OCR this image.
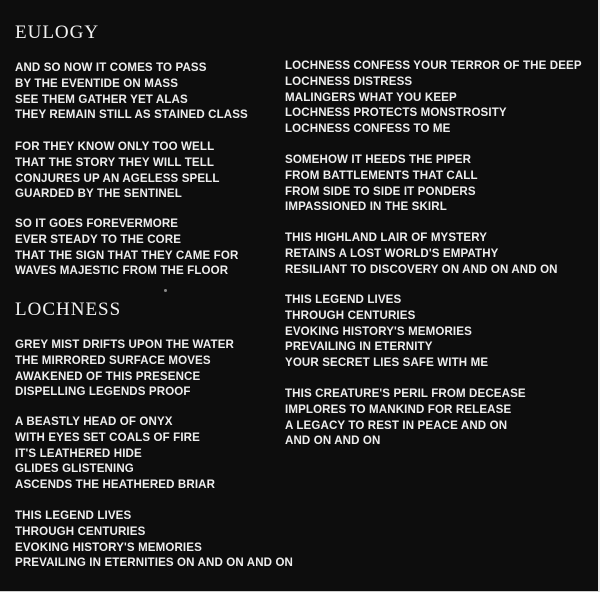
EULOGY
AND SO NOW IT COMES TO PASS
BY THE EVENTIDE ON MASS
SEE THEM GATHER YET ALAS
THEY REMAIN STILL AS STAINED CLASS
FOR THEY KNOW ONLY TOO WELL
THAT THE STORY THEY WILL TELL
CONJURES UP AN AGELESS SPELL
GUARDED BY THE SENTINEL
SO IT GOES FOREVERMORE
EVER STEADY TO THE CORE
THAT THE SIGN THAT THEY CAME FOR
WAVES MAJESTIC FROM THE FLOOR
LOCHNESS
GREY MIST DRIFTS UPON THE WATER
THE MIRRORED SURFACE MOVES
AWAKENED OF THIS PRESENCE
DISPELLING LEGENDS PROOF
A BEASTLY HEAD OF ONYX
WITH EYES SET COALS OF FIRE
IT'S LEATHERED HIDE
GLIDES GLISTENING
ASCENDS THE HEATHERED BRIAR
THIS LEGEND LIVES
THROUGH CENTURIES
EVOKING HISTORY'S MEMORIES
PREVAILING IN ETERNITIES ON AND ON AND ON
LOCHNESS CONFESS YOUR TERROR OF THE DEEP
LOCHNESS DISTRESS
MALINGERS WHAT YOU KEEP
LOCHNESS PROTECTS MONSTROSITY
LOCHNESS CONFESS TO ME
SOMEHOW IT HEEDS THE PIPER
FROM BATTLEMENTS THAT CALL
FROM SIDE TO SIDE IT PONDERS
IMPASSIONED IN THE SKIRL
THIS HIGHLAND LAIR OF MYSTERY
RETAINS A LOST WORLD'S EMPATHY
RESILIANT TO DISCOVERY ON AND ON AND ON
THIS LEGEND LIVES
THROUGH CENTURIES
EVOKING HISTORY'S MEMORIES
PREVAILING IN ETERNITY
YOUR SECRET LIES SAFE WITH ME
THIS CREATURE'S PERIL FROM DECEASE
IMPLORES TO MANKIND FOR RELEASE
A LEGACY TO REST IN PEACE AND ON
AND ON AND ON
